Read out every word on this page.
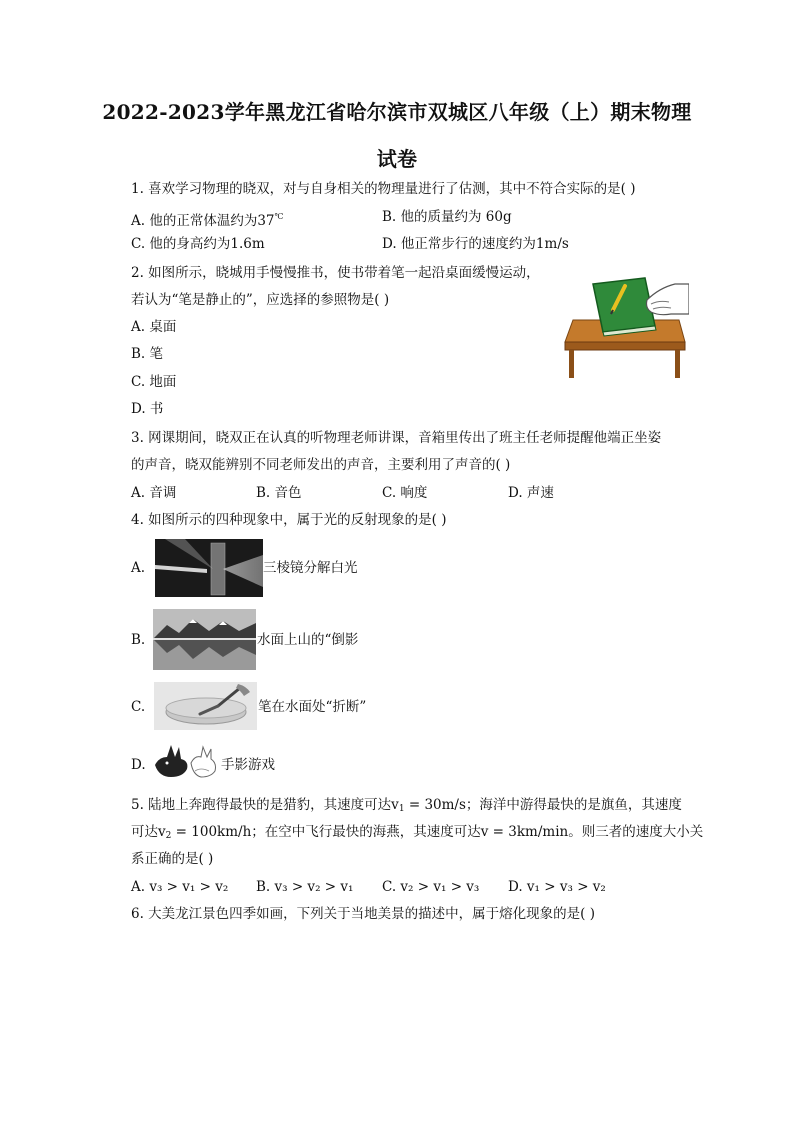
2022-2023学年黑龙江省哈尔滨市双城区八年级（上）期末物理
试卷
1. 喜欢学习物理的晓双，对与自身相关的物理量进行了估测，其中不符合实际的是( )
A. 他的正常体温约为37℃	B. 他的质量约为 60g
C. 他的身高约为1.6m	D. 他正常步行的速度约为1m/s
2. 如图所示，晓城用手慢慢推书，使书带着笔一起沿桌面缓慢运动，
若认为“笔是静止的”，应选择的参照物是( )
A. 桌面
B. 笔
C. 地面
D. 书
3. 网课期间，晓双正在认真的听物理老师讲课，音箱里传出了班主任老师提醒他端正坐姿
的声音，晓双能辨别不同老师发出的声音，主要利用了声音的( )
A. 音调	B. 音色	C. 响度	D. 声速
4. 如图所示的四种现象中，属于光的反射现象的是( )
A.	三棱镜分解白光
B.	水面上山的“倒影
C.	笔在水面处“折断”
D.	手影游戏
5. 陆地上奔跑得最快的是猎豹，其速度可达$v_1 = 30m/s$；海洋中游得最快的是旗鱼，其速度
可达$v_2 = 100km/h$；在空中飞行最快的海燕，其速度可达v = 3km/min。则三者的速度大小关
系正确的是( )
A. v₃ > v₁ > v₂ B. v₃ > v₂ > v₁ C. v₂ > v₁ > v₃ D. v₁ > v₃ > v₂
6. 大美龙江景色四季如画，下列关于当地美景的描述中，属于熔化现象的是( )
